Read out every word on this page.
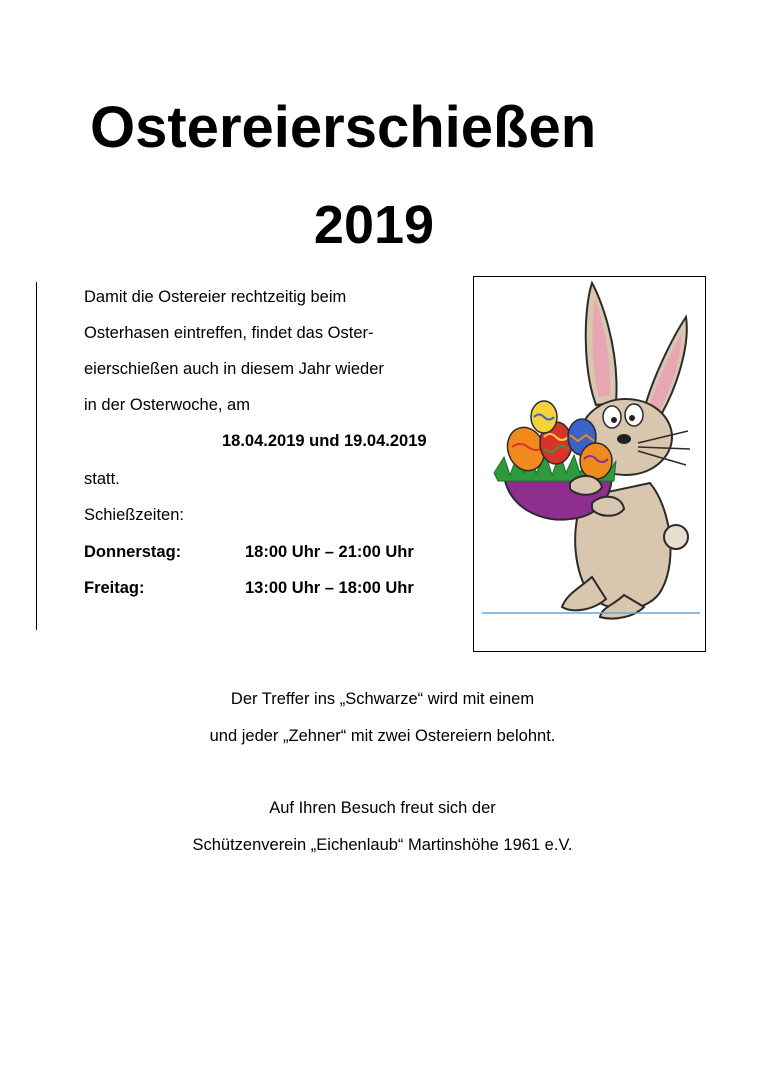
Ostereierschießen
2019
Damit die Ostereier rechtzeitig beim
Osterhasen eintreffen, findet das Oster-
eierschießen auch in diesem Jahr wieder
in der Osterwoche, am
18.04.2019 und 19.04.2019
statt.
Schießzeiten:
Donnerstag:	18:00 Uhr – 21:00 Uhr
Freitag:	13:00 Uhr – 18:00 Uhr
Der Treffer ins „Schwarze“ wird mit einem
und jeder „Zehner“ mit zwei Ostereiern belohnt.
Auf Ihren Besuch freut sich der
Schützenverein „Eichenlaub“ Martinshöhe 1961 e.V.
